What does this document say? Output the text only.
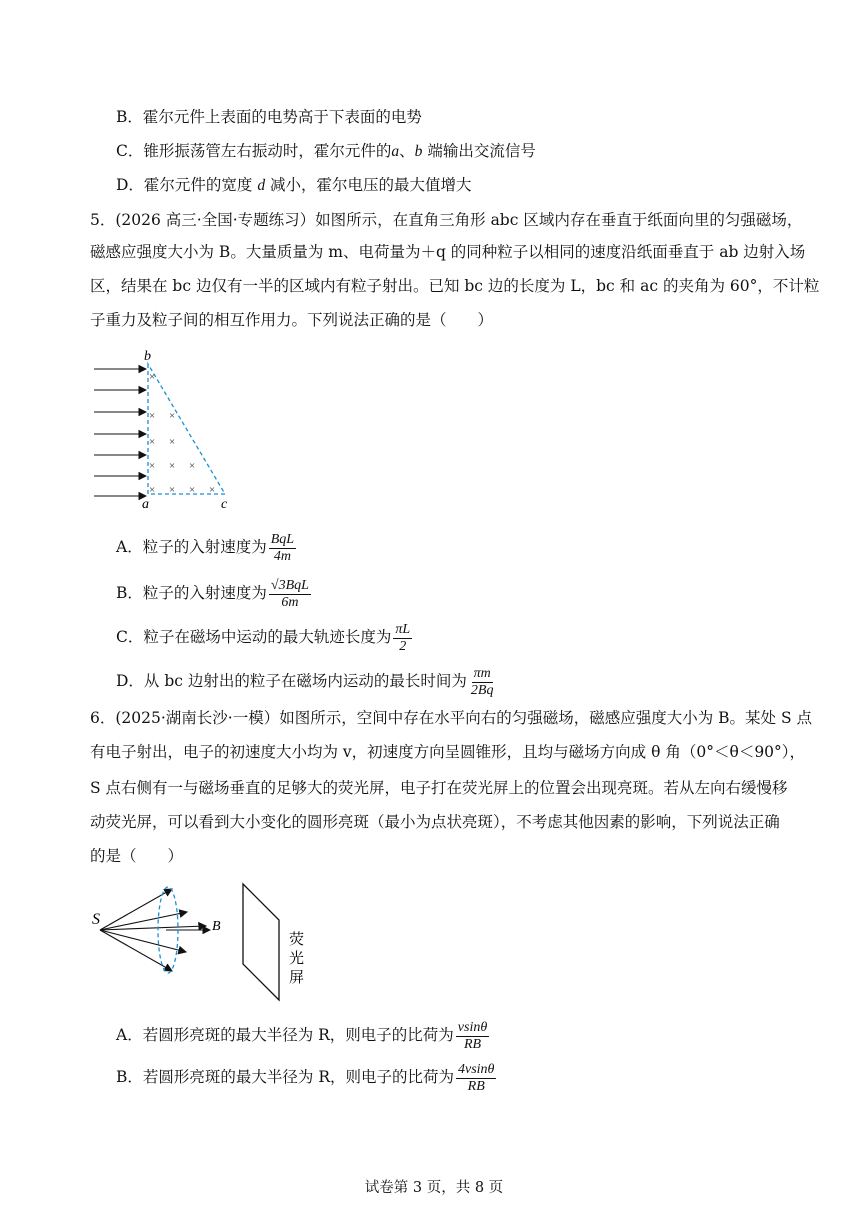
B．霍尔元件上表面的电势高于下表面的电势
C．锥形振荡管左右振动时，霍尔元件的a、b 端输出交流信号
D．霍尔元件的宽度 d 减小，霍尔电压的最大值增大
5．(2026 高三·全国·专题练习）如图所示，在直角三角形 abc 区域内存在垂直于纸面向里的匀强磁场，
磁感应强度大小为 B。大量质量为 m、电荷量为＋q 的同种粒子以相同的速度沿纸面垂直于 ab 边射入场
区，结果在 bc 边仅有一半的区域内有粒子射出。已知 bc 边的长度为 L，bc 和 ac 的夹角为 60°，不计粒
子重力及粒子间的相互作用力。下列说法正确的是（　　）
×
× ×
× ×
× × ×
× × × ×
b
a	c
A．粒子的入射速度为 $\frac{\text{BqL}}{4m}$
B．粒子的入射速度为 $\frac{\text{√3BqL}}{6m}$
C．粒子在磁场中运动的最大轨迹长度为 $\frac{\pi L}{2}$
D．从 bc 边射出的粒子在磁场内运动的最长时间为 $\frac{\pi m}{2Bq}$
6．(2025·湖南长沙·一模）如图所示，空间中存在水平向右的匀强磁场，磁感应强度大小为 B。某处 S 点
有电子射出，电子的初速度大小均为 v，初速度方向呈圆锥形，且均与磁场方向成 θ 角（0°＜θ＜90°），
S 点右侧有一与磁场垂直的足够大的荧光屏，电子打在荧光屏上的位置会出现亮斑。若从左向右缓慢移
动荧光屏，可以看到大小变化的圆形亮斑（最小为点状亮斑），不考虑其他因素的影响，下列说法正确
的是（　　）
S	B
荧
光
屏
A．若圆形亮斑的最大半径为 R，则电子的比荷为 $\frac{vsin\theta}{RB}$
B．若圆形亮斑的最大半径为 R，则电子的比荷为 $\frac{4vsin\theta}{RB}$
试卷第 3 页，共 8 页
